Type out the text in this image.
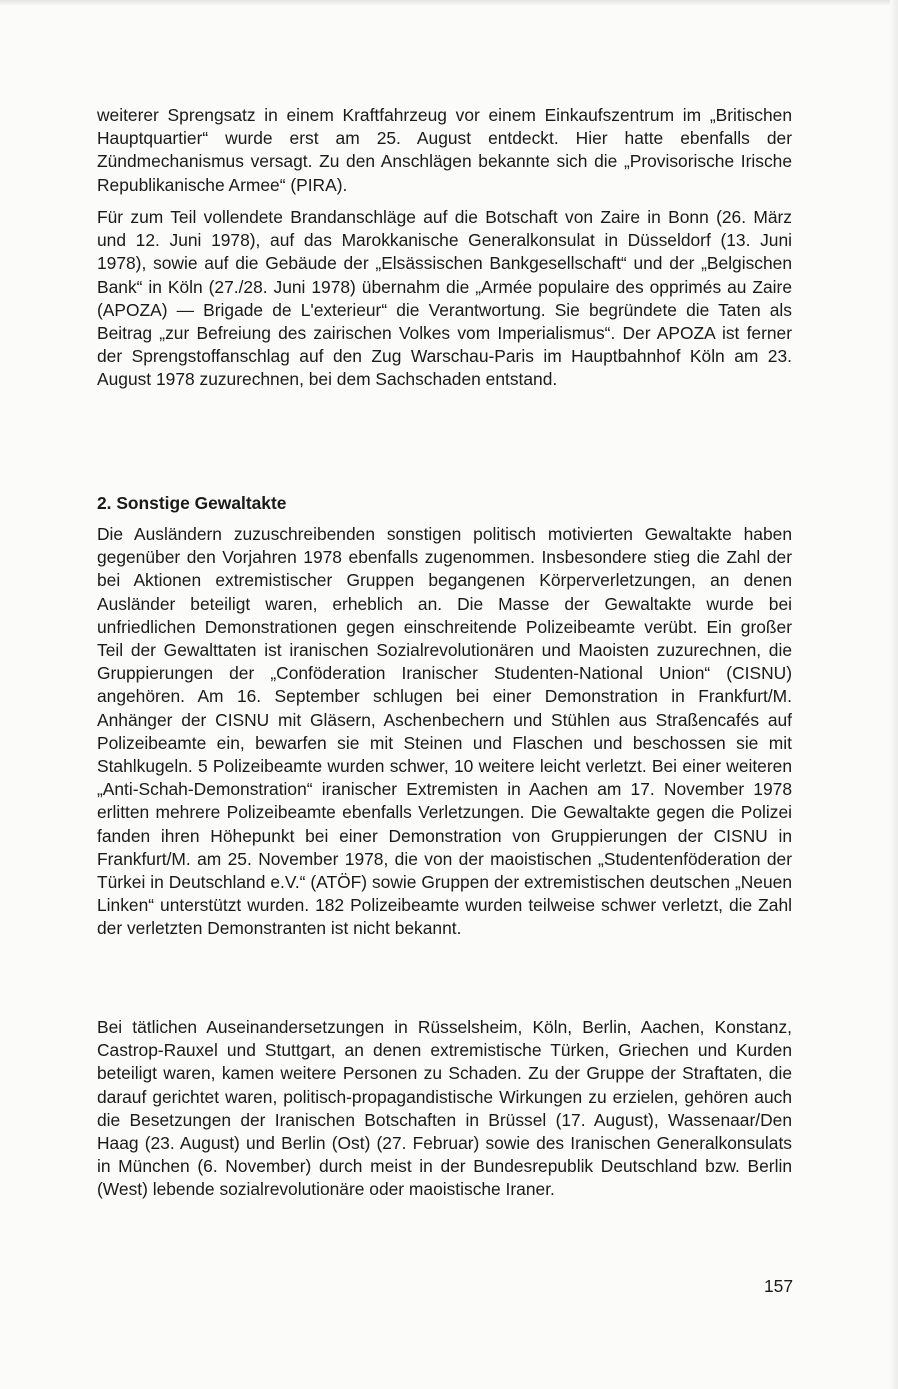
weiterer Sprengsatz in einem Kraftfahrzeug vor einem Einkaufszentrum im „Britischen Hauptquartier“ wurde erst am 25. August entdeckt. Hier hatte ebenfalls der Zündmechanismus versagt. Zu den Anschlägen bekannte sich die „Provisorische Irische Republikanische Armee“ (PIRA).

Für zum Teil vollendete Brandanschläge auf die Botschaft von Zaire in Bonn (26. März und 12. Juni 1978), auf das Marokkanische Generalkonsulat in Düsseldorf (13. Juni 1978), sowie auf die Gebäude der „Elsässischen Bankgesellschaft“ und der „Belgischen Bank“ in Köln (27./28. Juni 1978) übernahm die „Armée populaire des opprimés au Zaire (APOZA) — Brigade de L'exterieur“ die Verantwortung. Sie begründete die Taten als Beitrag „zur Befreiung des zairischen Volkes vom Imperialismus“. Der APOZA ist ferner der Sprengstoffanschlag auf den Zug Warschau-Paris im Hauptbahnhof Köln am 23. August 1978 zuzurechnen, bei dem Sachschaden entstand.

2. Sonstige Gewaltakte

Die Ausländern zuzuschreibenden sonstigen politisch motivierten Gewaltakte haben gegenüber den Vorjahren 1978 ebenfalls zugenommen. Insbesondere stieg die Zahl der bei Aktionen extremistischer Gruppen begangenen Körperverletzungen, an denen Ausländer beteiligt waren, erheblich an. Die Masse der Gewaltakte wurde bei unfriedlichen Demonstrationen gegen einschreitende Polizeibeamte verübt. Ein großer Teil der Gewalttaten ist iranischen Sozialrevolutionären und Maoisten zuzurechnen, die Gruppierungen der „Conföderation Iranischer Studenten-National Union“ (CISNU) angehören. Am 16. September schlugen bei einer Demonstration in Frankfurt/M. Anhänger der CISNU mit Gläsern, Aschenbechern und Stühlen aus Straßencafés auf Polizeibeamte ein, bewarfen sie mit Steinen und Flaschen und beschossen sie mit Stahlkugeln. 5 Polizeibeamte wurden schwer, 10 weitere leicht verletzt. Bei einer weiteren „Anti-Schah-Demonstration“ iranischer Extremisten in Aachen am 17. November 1978 erlitten mehrere Polizeibeamte ebenfalls Verletzungen. Die Gewaltakte gegen die Polizei fanden ihren Höhepunkt bei einer Demonstration von Gruppierungen der CISNU in Frankfurt/M. am 25. November 1978, die von der maoistischen „Studentenföderation der Türkei in Deutschland e.V.“ (ATÖF) sowie Gruppen der extremistischen deutschen „Neuen Linken“ unterstützt wurden. 182 Polizeibeamte wurden teilweise schwer verletzt, die Zahl der verletzten Demonstranten ist nicht bekannt.

Bei tätlichen Auseinandersetzungen in Rüsselsheim, Köln, Berlin, Aachen, Konstanz, Castrop-Rauxel und Stuttgart, an denen extremistische Türken, Griechen und Kurden beteiligt waren, kamen weitere Personen zu Schaden. Zu der Gruppe der Straftaten, die darauf gerichtet waren, politisch-propagandistische Wirkungen zu erzielen, gehören auch die Besetzungen der Iranischen Botschaften in Brüssel (17. August), Wassenaar/Den Haag (23. August) und Berlin (Ost) (27. Februar) sowie des Iranischen Generalkonsulats in München (6. November) durch meist in der Bundesrepublik Deutschland bzw. Berlin (West) lebende sozialrevolutionäre oder maoistische Iraner.

157
